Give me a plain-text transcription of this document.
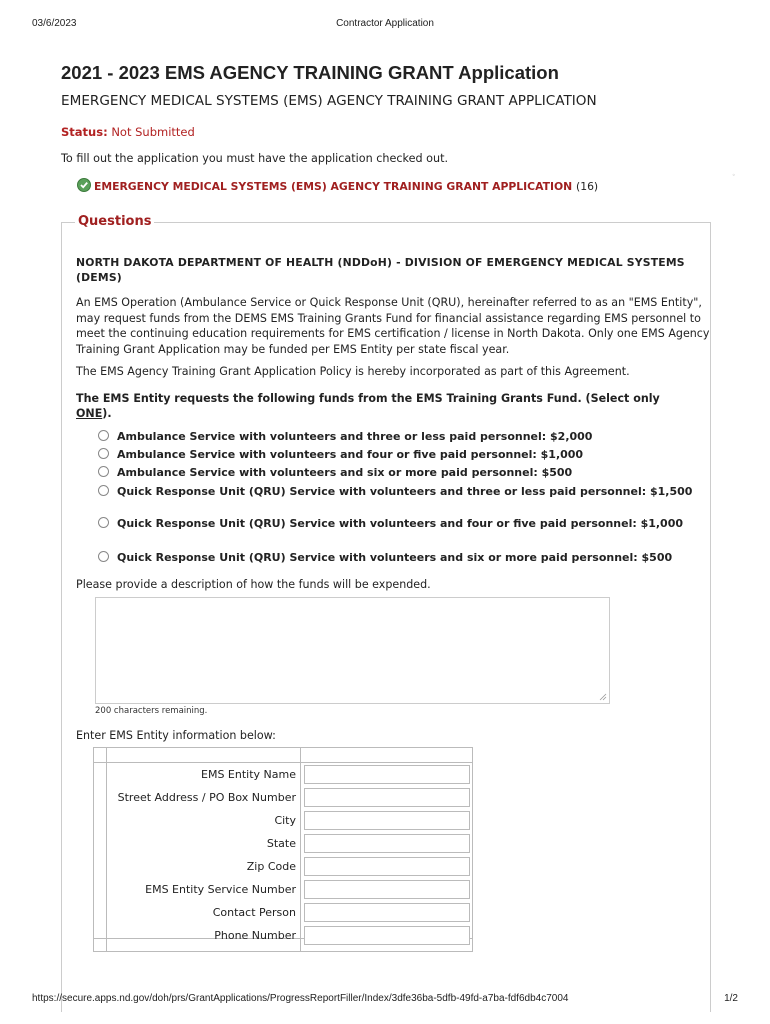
03/6/2023	Contractor Application
2021 - 2023 EMS AGENCY TRAINING GRANT Application
EMERGENCY MEDICAL SYSTEMS (EMS) AGENCY TRAINING GRANT APPLICATION
Status: Not Submitted
To fill out the application you must have the application checked out.
EMERGENCY MEDICAL SYSTEMS (EMS) AGENCY TRAINING GRANT APPLICATION (16)
◦
Questions
NORTH DAKOTA DEPARTMENT OF HEALTH (NDDoH) - DIVISION OF EMERGENCY MEDICAL SYSTEMS (DEMS)
An EMS Operation (Ambulance Service or Quick Response Unit (QRU), hereinafter referred to as an "EMS Entity", may request funds from the DEMS EMS Training Grants Fund for financial assistance regarding EMS personnel to meet the continuing education requirements for EMS certification / license in North Dakota. Only one EMS Agency Training Grant Application may be funded per EMS Entity per state fiscal year.
The EMS Agency Training Grant Application Policy is hereby incorporated as part of this Agreement.
The EMS Entity requests the following funds from the EMS Training Grants Fund. (Select only ONE).
Ambulance Service with volunteers and three or less paid personnel: $2,000
Ambulance Service with volunteers and four or five paid personnel: $1,000
Ambulance Service with volunteers and six or more paid personnel: $500
Quick Response Unit (QRU) Service with volunteers and three or less paid personnel: $1,500
Quick Response Unit (QRU) Service with volunteers and four or five paid personnel: $1,000
Quick Response Unit (QRU) Service with volunteers and six or more paid personnel: $500
Please provide a description of how the funds will be expended.
200 characters remaining.
Enter EMS Entity information below:
EMS Entity Name
Street Address / PO Box Number
City
State
Zip Code
EMS Entity Service Number
Contact Person
Phone Number
https://secure.apps.nd.gov/doh/prs/GrantApplications/ProgressReportFiller/Index/3dfe36ba-5dfb-49fd-a7ba-fdf6db4c7004	1/2
